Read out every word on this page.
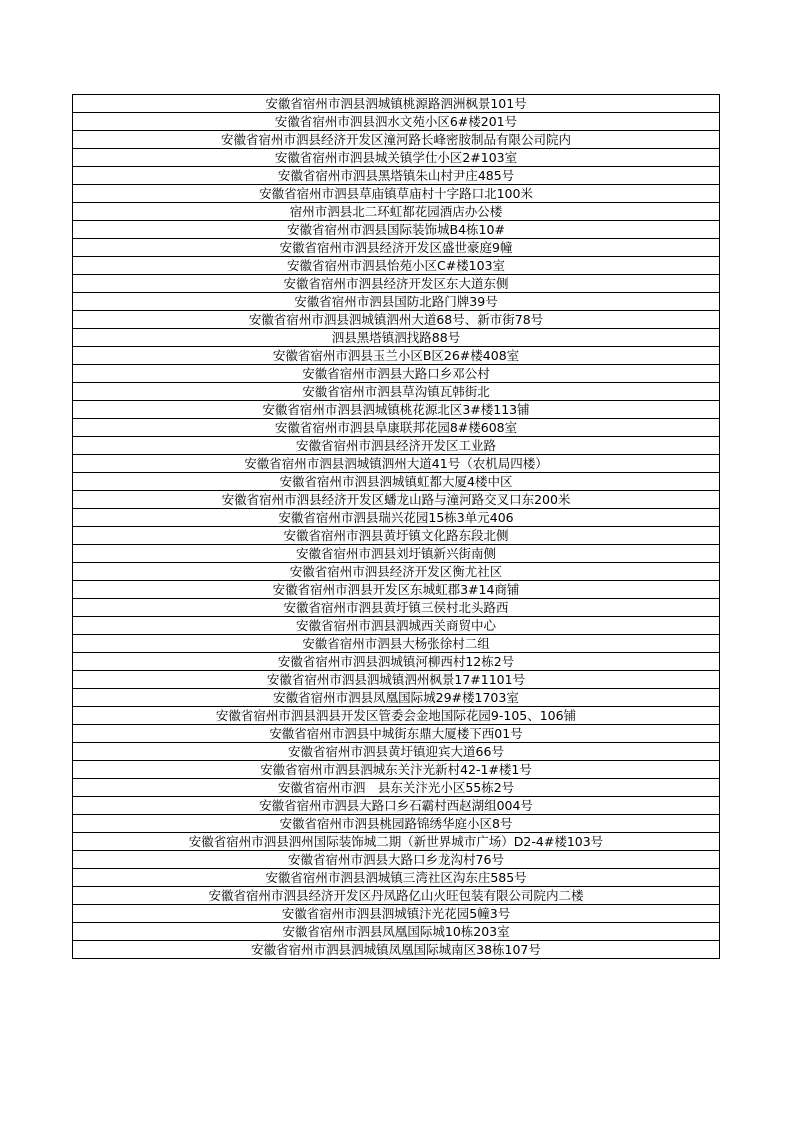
安徽省宿州市泗县泗城镇桃源路泗洲枫景101号
安徽省宿州市泗县泗水文苑小区6#楼201号
安徽省宿州市泗县经济开发区潼河路长峰密胺制品有限公司院内
安徽省宿州市泗县城关镇学仕小区2#103室
安徽省宿州市泗县黑塔镇朱山村尹庄485号
安徽省宿州市泗县草庙镇草庙村十字路口北100米
宿州市泗县北二环虹都花园酒店办公楼
安徽省宿州市泗县国际装饰城B4栋10#
安徽省宿州市泗县经济开发区盛世豪庭9幢
安徽省宿州市泗县怡苑小区C#楼103室
安徽省宿州市泗县经济开发区东大道东侧
安徽省宿州市泗县国防北路门牌39号
安徽省宿州市泗县泗城镇泗州大道68号、新市街78号
泗县黑塔镇泗找路88号
安徽省宿州市泗县玉兰小区B区26#楼408室
安徽省宿州市泗县大路口乡邓公村
安徽省宿州市泗县草沟镇瓦韩街北
安徽省宿州市泗县泗城镇桃花源北区3#楼113铺
安徽省宿州市泗县阜康联邦花园8#楼608室
安徽省宿州市泗县经济开发区工业路
安徽省宿州市泗县泗城镇泗州大道41号（农机局四楼）
安徽省宿州市泗县泗城镇虹都大厦4楼中区
安徽省宿州市泗县经济开发区蟠龙山路与潼河路交叉口东200米
安徽省宿州市泗县瑞兴花园15栋3单元406
安徽省宿州市泗县黄圩镇文化路东段北侧
安徽省宿州市泗县刘圩镇新兴街南侧
安徽省宿州市泗县经济开发区衡尤社区
安徽省宿州市泗县开发区东城虹郡3#14商铺
安徽省宿州市泗县黄圩镇三侯村北头路西
安徽省宿州市泗县泗城西关商贸中心
安徽省宿州市泗县大杨张徐村二组
安徽省宿州市泗县泗城镇河柳西村12栋2号
安徽省宿州市泗县泗城镇泗州枫景17#1101号
安徽省宿州市泗县凤凰国际城29#楼1703室
安徽省宿州市泗县泗县开发区管委会金地国际花园9-105、106铺
安徽省宿州市泗县中城街东鼎大厦楼下西01号
安徽省宿州市泗县黄圩镇迎宾大道66号
安徽省宿州市泗县泗城东关汴光新村42-1#楼1号
安徽省宿州市泗　县东关汴光小区55栋2号
安徽省宿州市泗县大路口乡石霸村西赵湖组004号
安徽省宿州市泗县桃园路锦绣华庭小区8号
安徽省宿州市泗县泗州国际装饰城二期（新世界城市广场）D2-4#楼103号
安徽省宿州市泗县大路口乡龙沟村76号
安徽省宿州市泗县泗城镇三湾社区沟东庄585号
安徽省宿州市泗县经济开发区丹凤路亿山火旺包装有限公司院内二楼
安徽省宿州市泗县泗城镇汴光花园5幢3号
安徽省宿州市泗县凤凰国际城10栋203室
安徽省宿州市泗县泗城镇凤凰国际城南区38栋107号
